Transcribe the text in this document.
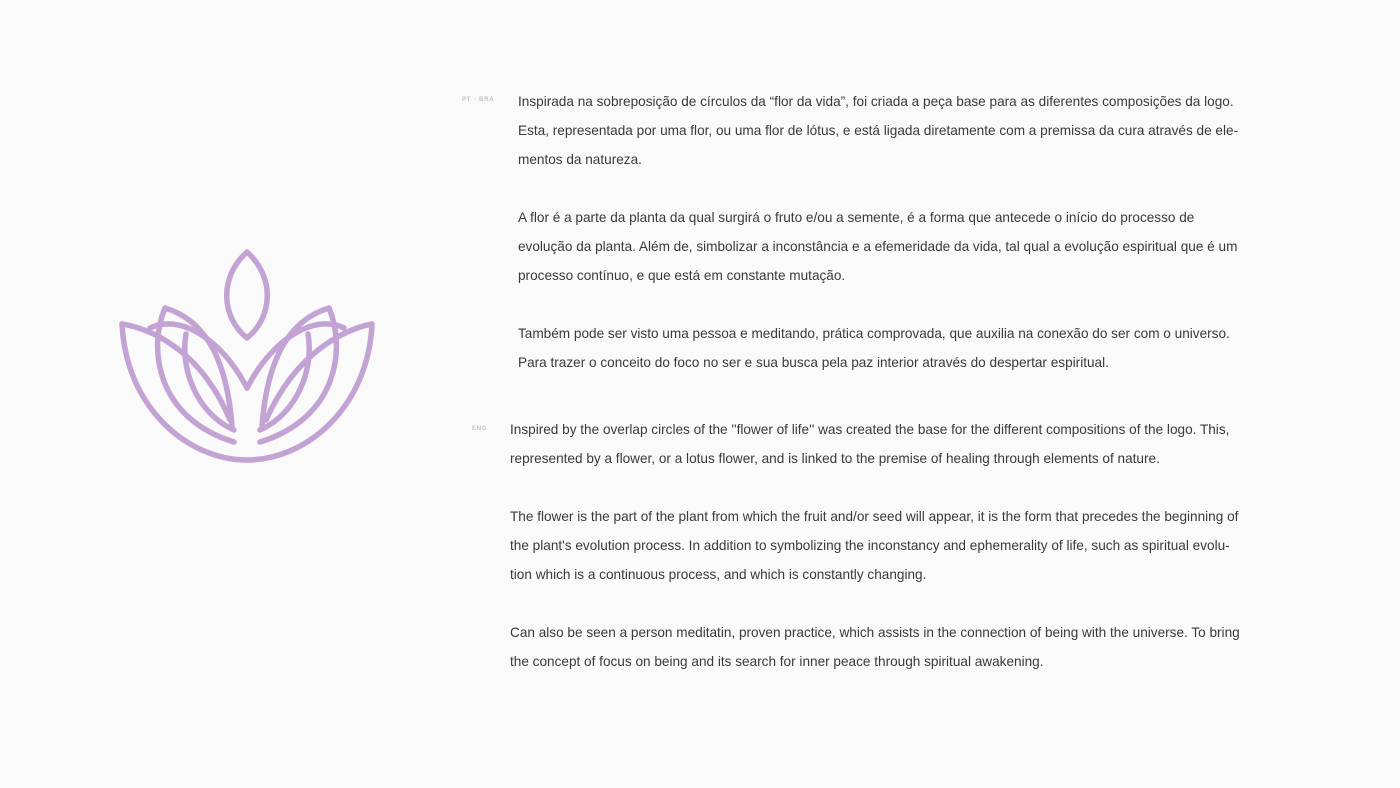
PT - BRA Inspirada na sobreposição de círculos da “flor da vida”, foi criada a peça base para as diferentes composições da logo.
Esta, representada por uma flor, ou uma flor de lótus, e está ligada diretamente com a premissa da cura através de ele-
mentos da natureza.

A flor é a parte da planta da qual surgirá o fruto e/ou a semente, é a forma que antecede o início do processo de
evolução da planta. Além de, simbolizar a inconstância e a efemeridade da vida, tal qual a evolução espiritual que é um
processo contínuo, e que está em constante mutação.

Também pode ser visto uma pessoa e meditando, prática comprovada, que auxilia na conexão do ser com o universo.
Para trazer o conceito do foco no ser e sua busca pela paz interior através do despertar espiritual.

ENG Inspired by the overlap circles of the ''flower of life'' was created the base for the different compositions of the logo. This,
represented by a flower, or a lotus flower, and is linked to the premise of healing through elements of nature.

The flower is the part of the plant from which the fruit and/or seed will appear, it is the form that precedes the beginning of
the plant's evolution process. In addition to symbolizing the inconstancy and ephemerality of life, such as spiritual evolu-
tion which is a continuous process, and which is constantly changing.

Can also be seen a person meditatin, proven practice, which assists in the connection of being with the universe. To bring
the concept of focus on being and its search for inner peace through spiritual awakening.
